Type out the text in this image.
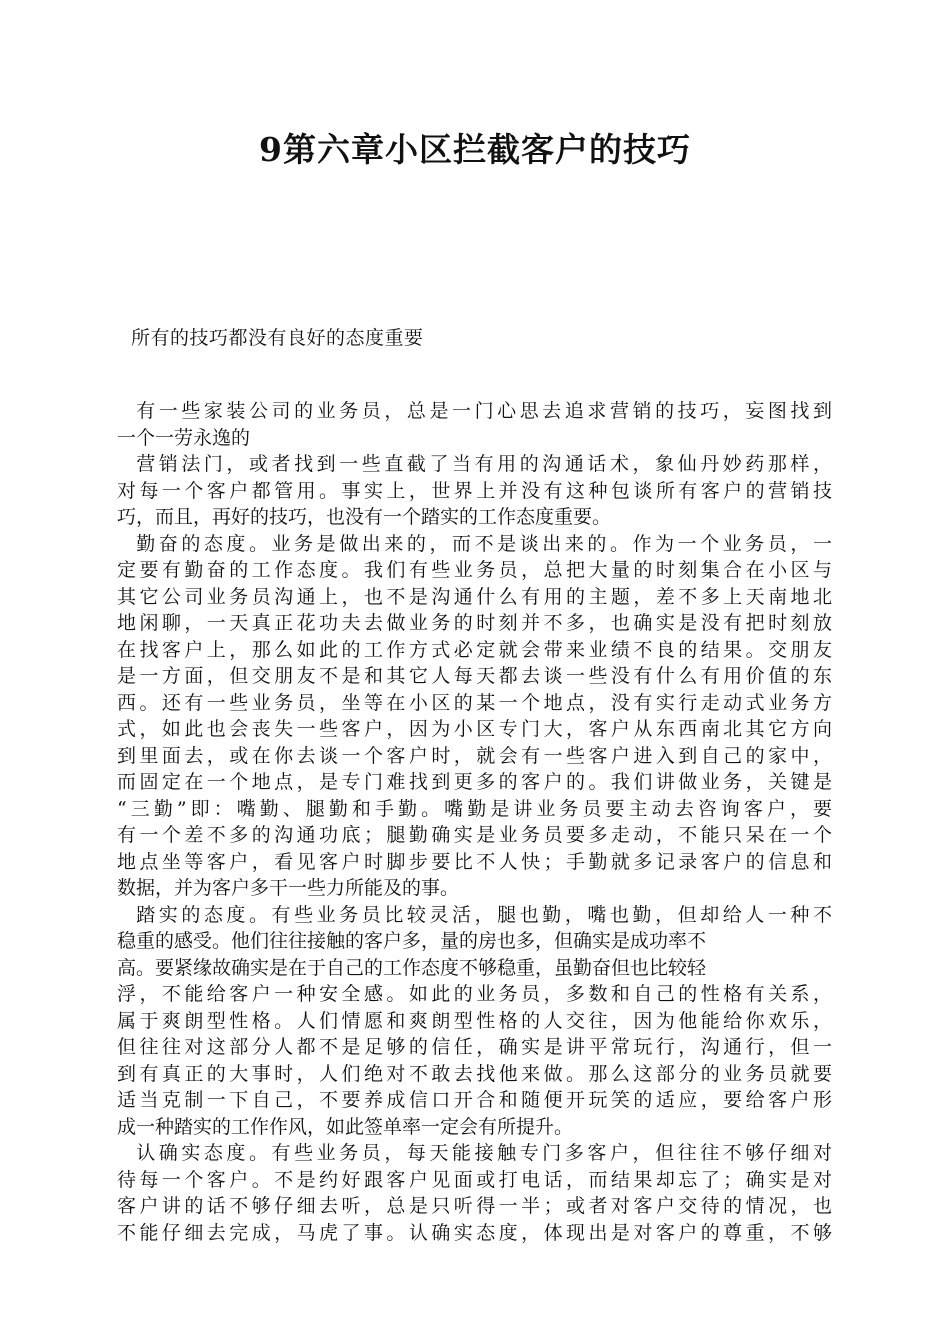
9第六章小区拦截客户的技巧
所有的技巧都没有良好的态度重要
有一些家装公司的业务员，总是一门心思去追求营销的技巧，妄图找到
一个一劳永逸的
营销法门，或者找到一些直截了当有用的沟通话术，象仙丹妙药那样，
对每一个客户都管用。事实上，世界上并没有这种包谈所有客户的营销技
巧，而且，再好的技巧，也没有一个踏实的工作态度重要。
勤奋的态度。业务是做出来的，而不是谈出来的。作为一个业务员，一
定要有勤奋的工作态度。我们有些业务员，总把大量的时刻集合在小区与
其它公司业务员沟通上，也不是沟通什么有用的主题，差不多上天南地北
地闲聊，一天真正花功夫去做业务的时刻并不多，也确实是没有把时刻放
在找客户上，那么如此的工作方式必定就会带来业绩不良的结果。交朋友
是一方面，但交朋友不是和其它人每天都去谈一些没有什么有用价值的东
西。还有一些业务员，坐等在小区的某一个地点，没有实行走动式业务方
式，如此也会丧失一些客户，因为小区专门大，客户从东西南北其它方向
到里面去，或在你去谈一个客户时，就会有一些客户进入到自己的家中，
而固定在一个地点，是专门难找到更多的客户的。我们讲做业务，关键是
“三勤”即：嘴勤、腿勤和手勤。嘴勤是讲业务员要主动去咨询客户，要
有一个差不多的沟通功底；腿勤确实是业务员要多走动，不能只呆在一个
地点坐等客户，看见客户时脚步要比不人快；手勤就多记录客户的信息和
数据，并为客户多干一些力所能及的事。
踏实的态度。有些业务员比较灵活，腿也勤，嘴也勤，但却给人一种不
稳重的感受。他们往往接触的客户多，量的房也多，但确实是成功率不
高。要紧缘故确实是在于自己的工作态度不够稳重，虽勤奋但也比较轻
浮，不能给客户一种安全感。如此的业务员，多数和自己的性格有关系，
属于爽朗型性格。人们情愿和爽朗型性格的人交往，因为他能给你欢乐，
但往往对这部分人都不是足够的信任，确实是讲平常玩行，沟通行，但一
到有真正的大事时，人们绝对不敢去找他来做。那么这部分的业务员就要
适当克制一下自己，不要养成信口开合和随便开玩笑的适应，要给客户形
成一种踏实的工作作风，如此签单率一定会有所提升。
认确实态度。有些业务员，每天能接触专门多客户，但往往不够仔细对
待每一个客户。不是约好跟客户见面或打电话，而结果却忘了；确实是对
客户讲的话不够仔细去听，总是只听得一半；或者对客户交待的情况，也
不能仔细去完成，马虎了事。认确实态度，体现出是对客户的尊重，不够
